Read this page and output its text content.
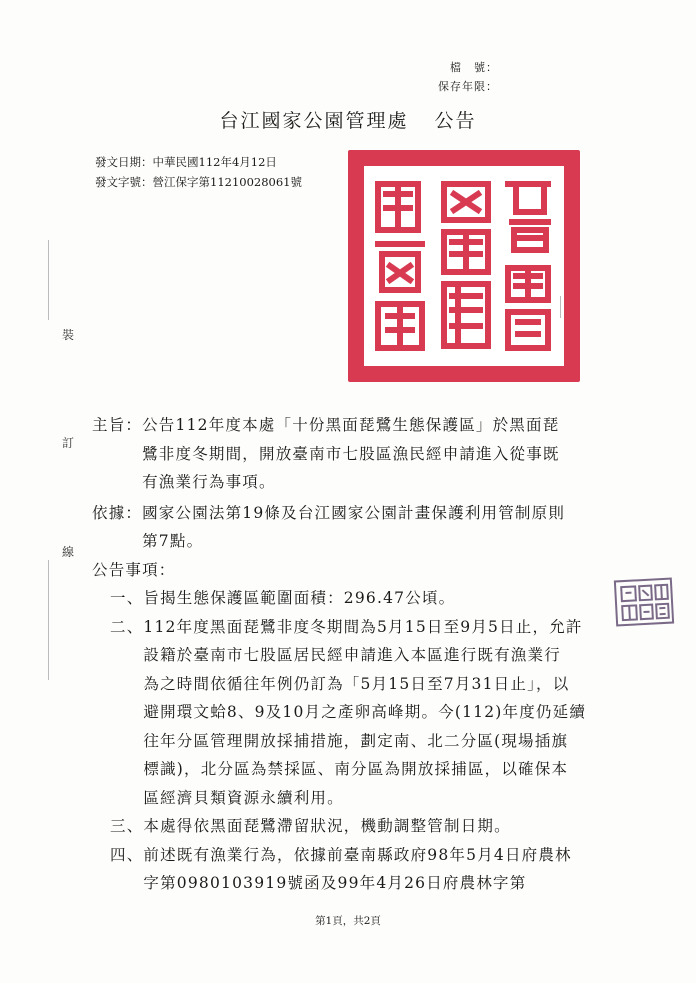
檔　號：
保存年限：
台江國家公園管理處 公告
發文日期：中華民國112年4月12日
發文字號：營江保字第11210028061號
裝
訂
線
主旨： 公告112年度本處「十份黑面琵鷺生態保護區」於黑面琵
鷺非度冬期間，開放臺南市七股區漁民經申請進入從事既
有漁業行為事項。
依據： 國家公園法第19條及台江國家公園計畫保護利用管制原則
第7點。
公告事項：
一、 旨揭生態保護區範圍面積：296.47公頃。
二、 112年度黑面琵鷺非度冬期間為5月15日至9月5日止，允許
設籍於臺南市七股區居民經申請進入本區進行既有漁業行
為之時間依循往年例仍訂為「5月15日至7月31日止」，以
避開環文蛤8、9及10月之產卵高峰期。今(112)年度仍延續
往年分區管理開放採捕措施，劃定南、北二分區(現場插旗
標識)，北分區為禁採區、南分區為開放採捕區，以確保本
區經濟貝類資源永續利用。
三、 本處得依黑面琵鷺滯留狀況，機動調整管制日期。
四、 前述既有漁業行為，依據前臺南縣政府98年5月4日府農林
字第0980103919號函及99年4月26日府農林字第
第1頁，共2頁
